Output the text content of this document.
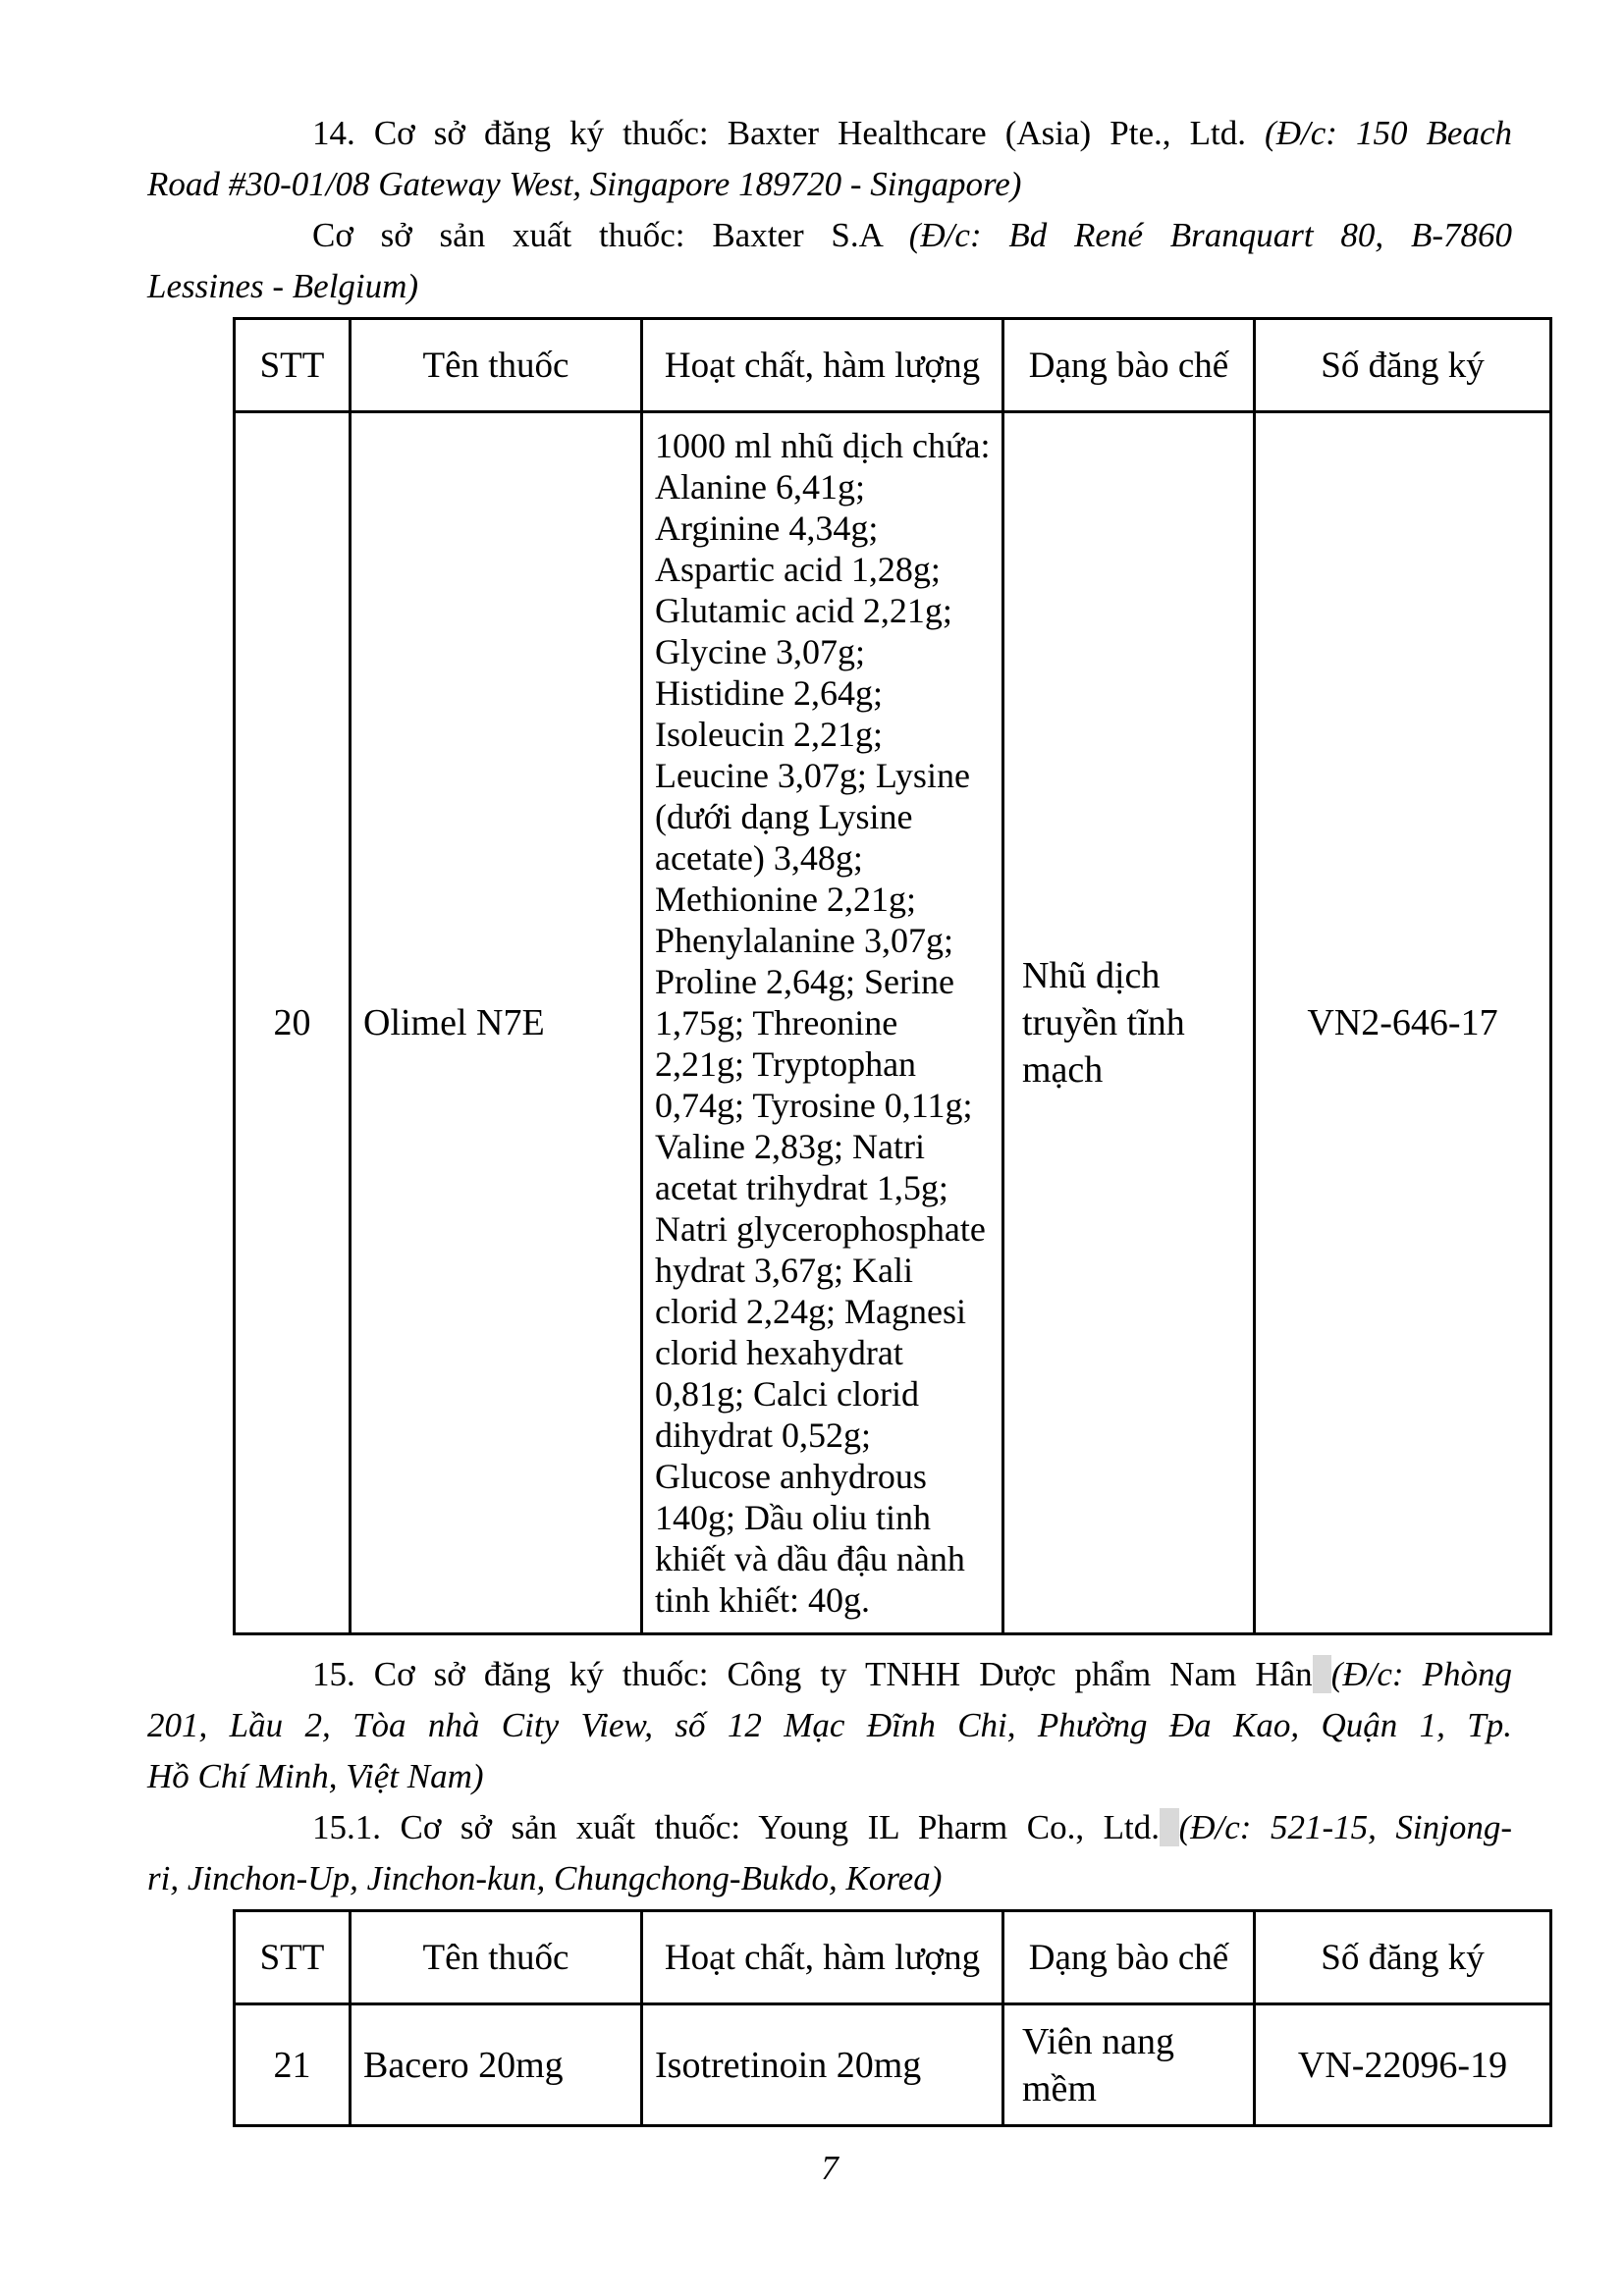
14. Cơ sở đăng ký thuốc: Baxter Healthcare (Asia) Pte., Ltd. (Đ/c: 150 Beach
Road #30-01/08 Gateway West, Singapore 189720 - Singapore)
Cơ sở sản xuất thuốc: Baxter S.A (Đ/c: Bd René Branquart 80, B-7860
Lessines - Belgium)
STT	Tên thuốc	Hoạt chất, hàm lượng	Dạng bào chế	Số đăng ký
20	Olimel N7E	1000 ml nhũ dịch chứa:
Alanine 6,41g;
Arginine 4,34g;
Aspartic acid 1,28g;
Glutamic acid 2,21g;
Glycine 3,07g;
Histidine 2,64g;
Isoleucin 2,21g;
Leucine 3,07g; Lysine
(dưới dạng Lysine
acetate) 3,48g;
Methionine 2,21g;
Phenylalanine 3,07g;
Proline 2,64g; Serine
1,75g; Threonine
2,21g; Tryptophan
0,74g; Tyrosine 0,11g;
Valine 2,83g; Natri
acetat trihydrat 1,5g;
Natri glycerophosphate
hydrat 3,67g; Kali
clorid 2,24g; Magnesi
clorid hexahydrat
0,81g; Calci clorid
dihydrat 0,52g;
Glucose anhydrous
140g; Dầu oliu tinh
khiết và dầu đậu nành
tinh khiết: 40g.	Nhũ dịch
truyền tĩnh
mạch	VN2-646-17
15. Cơ sở đăng ký thuốc: Công ty TNHH Dược phẩm Nam Hân (Đ/c: Phòng
201, Lầu 2, Tòa nhà City View, số 12 Mạc Đĩnh Chi, Phường Đa Kao, Quận 1, Tp.
Hồ Chí Minh, Việt Nam)
15.1. Cơ sở sản xuất thuốc: Young IL Pharm Co., Ltd. (Đ/c: 521-15, Sinjong-
ri, Jinchon-Up, Jinchon-kun, Chungchong-Bukdo, Korea)
STT	Tên thuốc	Hoạt chất, hàm lượng	Dạng bào chế	Số đăng ký
21	Bacero 20mg	Isotretinoin 20mg	Viên nang
mềm	VN-22096-19
7
